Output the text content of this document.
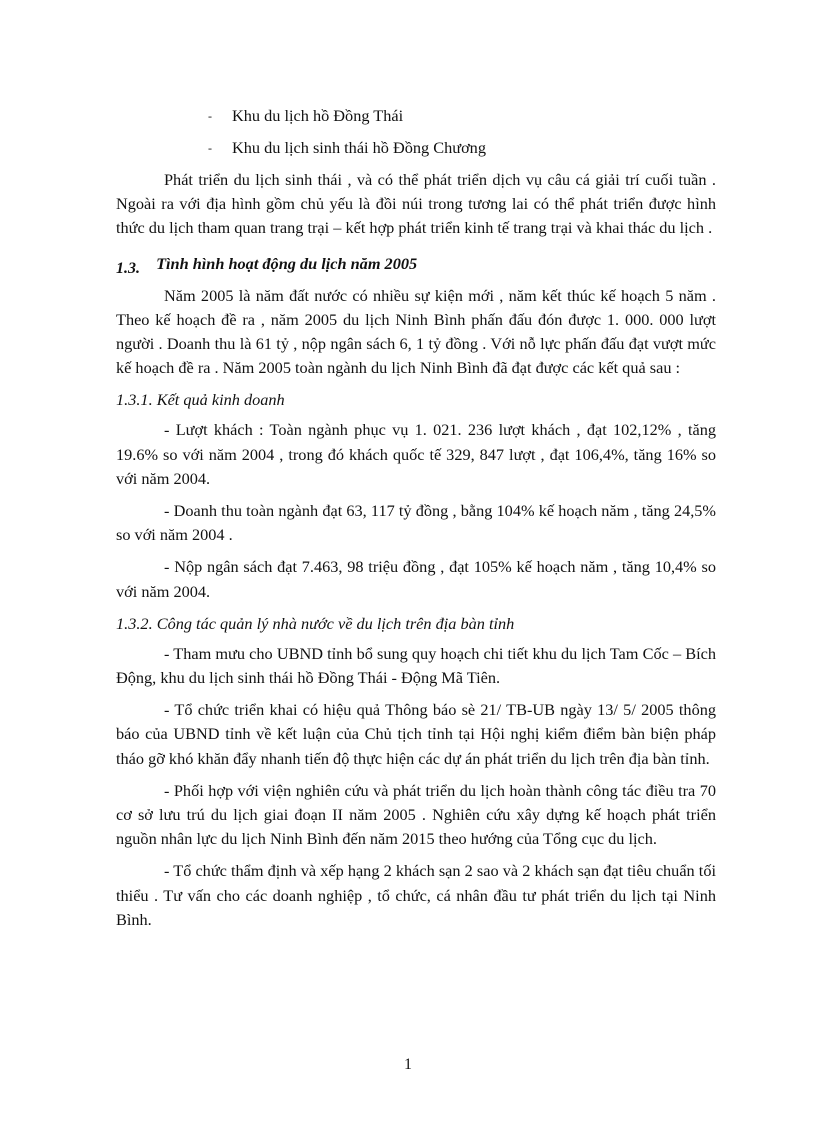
- Khu du lịch hồ Đồng Thái
- Khu du lịch sinh thái hồ Đồng Chương

Phát triển du lịch sinh thái , và có thể phát triển dịch vụ câu cá giải trí cuối tuần . Ngoài ra với địa hình gồm chủ yếu là đồi núi trong tương lai có thể phát triển được hình thức du lịch tham quan trang trại – kết hợp phát triển kinh tế trang trại và khai thác du lịch .

1.3. Tình hình hoạt động du lịch năm 2005

Năm 2005 là năm đất nước có nhiều sự kiện mới , năm kết thúc kế hoạch 5 năm . Theo kế hoạch đề ra , năm 2005 du lịch Ninh Bình phấn đấu đón được 1. 000. 000 lượt người . Doanh thu là 61 tỷ , nộp ngân sách 6, 1 tỷ đồng . Với nỗ lực phấn đấu đạt vượt mức kế hoạch đề ra . Năm 2005 toàn ngành du lịch Ninh Bình đã đạt được các kết quả sau :

1.3.1. Kết quả kinh doanh

- Lượt khách : Toàn ngành phục vụ 1. 021. 236 lượt khách , đạt 102,12% , tăng 19.6% so với năm 2004 , trong đó khách quốc tế 329, 847 lượt , đạt 106,4%, tăng 16% so với năm 2004.

- Doanh thu toàn ngành đạt 63, 117 tỷ đồng , bằng 104% kế hoạch năm , tăng 24,5% so với năm 2004 .

- Nộp ngân sách đạt 7.463, 98 triệu đồng , đạt 105% kế hoạch năm , tăng 10,4% so với năm 2004.

1.3.2. Công tác quản lý nhà nước về du lịch trên địa bàn tỉnh

- Tham mưu cho UBND tỉnh bổ sung quy hoạch chi tiết khu du lịch Tam Cốc – Bích Động, khu du lịch sinh thái hồ Đồng Thái - Động Mã Tiên.

- Tổ chức triển khai có hiệu quả Thông báo sè 21/ TB-UB ngày 13/ 5/ 2005 thông báo của UBND tỉnh về kết luận của Chủ tịch tỉnh tại Hội nghị kiểm điểm bàn biện pháp tháo gỡ khó khăn đẩy nhanh tiến độ thực hiện các dự án phát triển du lịch trên địa bàn tỉnh.

- Phối hợp với viện nghiên cứu và phát triển du lịch hoàn thành công tác điều tra 70 cơ sở lưu trú du lịch giai đoạn II năm 2005 . Nghiên cứu xây dựng kế hoạch phát triển nguồn nhân lực du lịch Ninh Bình đến năm 2015 theo hướng của Tổng cục du lịch.

- Tổ chức thẩm định và xếp hạng 2 khách sạn 2 sao và 2 khách sạn đạt tiêu chuẩn tối thiểu . Tư vấn cho các doanh nghiệp , tổ chức, cá nhân đầu tư phát triển du lịch tại Ninh Bình.

1
